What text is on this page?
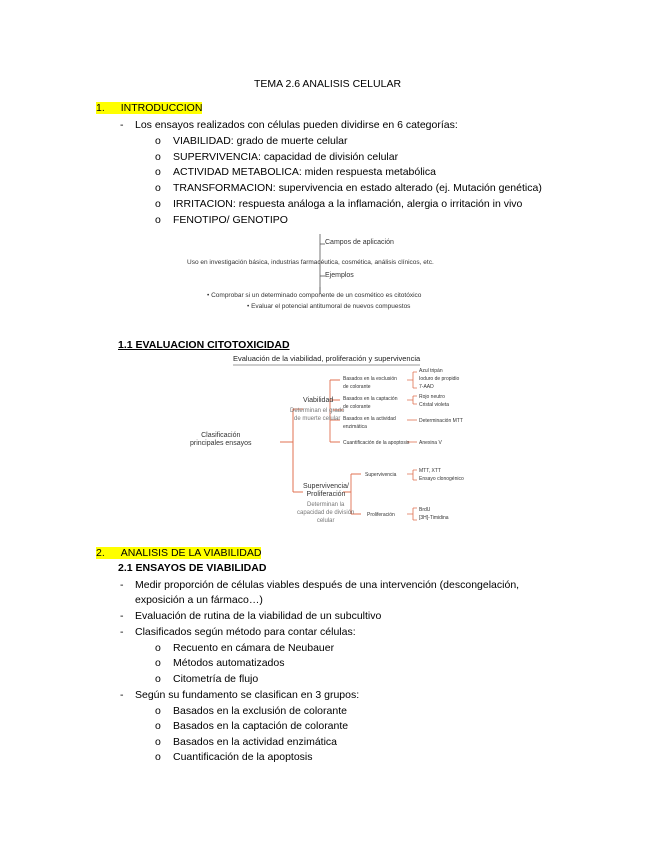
TEMA 2.6 ANALISIS CELULAR
1. INTRODUCCION
- Los ensayos realizados con células pueden dividirse en 6 categorías:
o VIABILIDAD: grado de muerte celular
o SUPERVIVENCIA: capacidad de división celular
o ACTIVIDAD METABOLICA: miden respuesta metabólica
o TRANSFORMACION: supervivencia en estado alterado (ej. Mutación genética)
o IRRITACION: respuesta análoga a la inflamación, alergia o irritación in vivo
o FENOTIPO/ GENOTIPO
Campos de aplicación
Uso en investigación básica, industrias farmacéutica, cosmética, análisis clínicos, etc.
Ejemplos
• Comprobar si un determinado componente de un cosmético es citotóxico
• Evaluar el potencial antitumoral de nuevos compuestos
1.1 EVALUACION CITOTOXICIDAD
Evaluación de la viabilidad, proliferación y supervivencia
Clasificación
principales ensayos
Viabilidad
Determinan el grado
de muerte celular
Basados en la exclusión
de colorante
Azul tripán
Ioduro de propidio
7-AAD
Basados en la captación
de colorante
Rojo neutro
Cristal violeta
Basados en la actividad
enzimática
Determinación MTT
Cuantificación de la apoptosis Anexina V
Supervivencia/
Proliferación
Determinan la
capacidad de división
celular
Supervivencia
MTT, XTT
Ensayo clonogénico
Proliferación
BrdU
[3H]-Timidina
2. ANALISIS DE LA VIABILIDAD
2.1 ENSAYOS DE VIABILIDAD
- Medir proporción de células viables después de una intervención (descongelación,
exposición a un fármaco…)
- Evaluación de rutina de la viabilidad de un subcultivo
- Clasificados según método para contar células:
o Recuento en cámara de Neubauer
o Métodos automatizados
o Citometría de flujo
- Según su fundamento se clasifican en 3 grupos:
o Basados en la exclusión de colorante
o Basados en la captación de colorante
o Basados en la actividad enzimática
o Cuantificación de la apoptosis
